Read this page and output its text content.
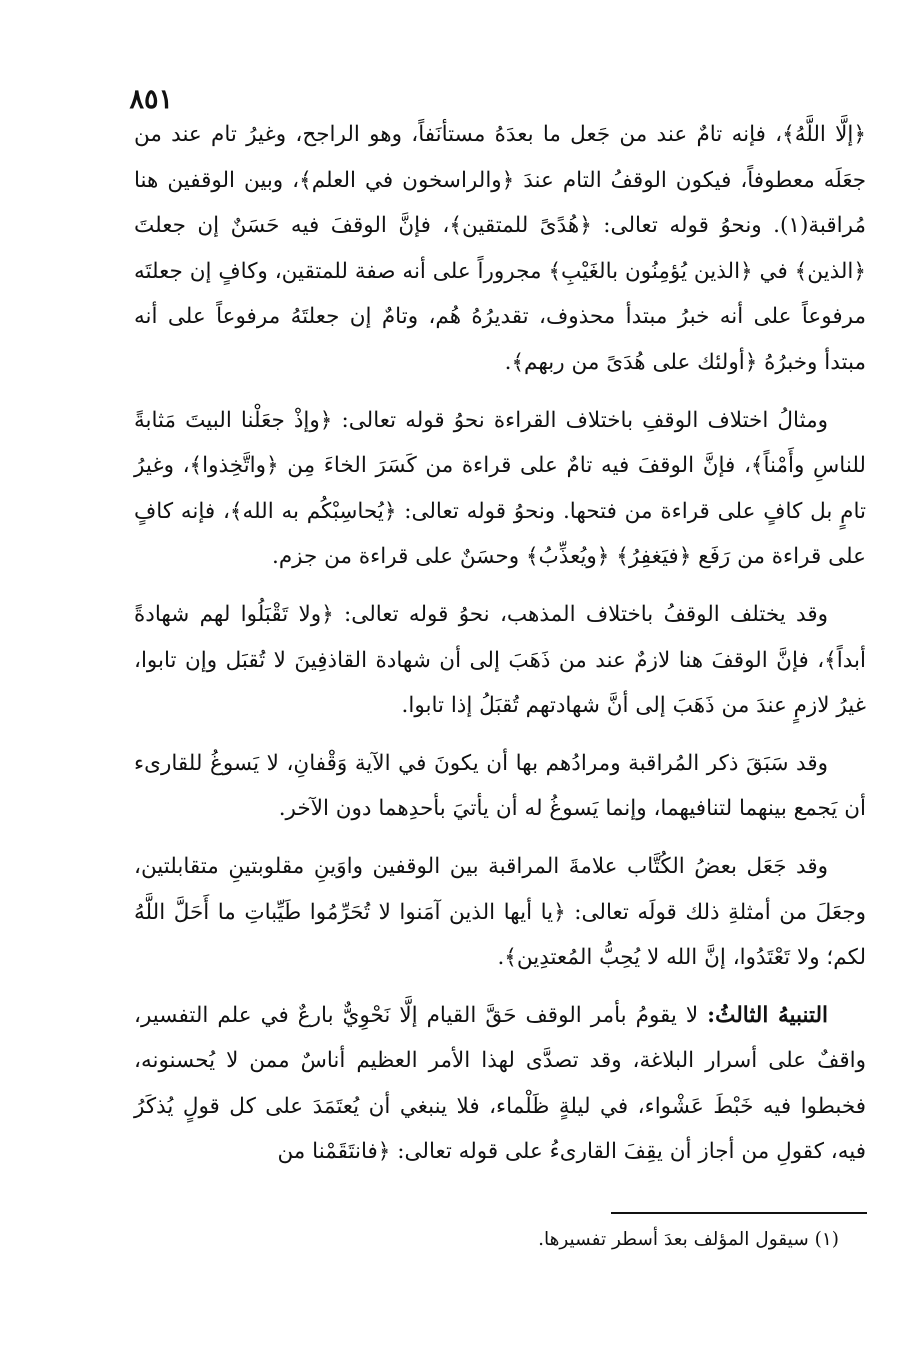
٨٥١

﴿إلَّا اللَّهُ﴾، فإنه تامٌ عند من جَعل ما بعدَهُ مستأنَفاً، وهو الراجح، وغيرُ تام عند من جعَلَه معطوفاً، فيكون الوقفُ التام عندَ ﴿والراسخون في العلم﴾، وبين الوقفين هنا مُراقبة(١). ونحوُ قوله تعالى: ﴿هُدًىً للمتقين﴾، فإنَّ الوقفَ فيه حَسَنٌ إن جعلتَ ﴿الذين﴾ في ﴿الذين يُؤمِنُون بالغَيْبِ﴾ مجروراً على أنه صفة للمتقين، وكافٍ إن جعلتَه مرفوعاً على أنه خبرُ مبتدأ محذوف، تقديرُهُ هُم، وتامٌ إن جعلتَهُ مرفوعاً على أنه مبتدأ وخبرُهُ ﴿أولئك على هُدَىً من ربهم﴾.

ومثالُ اختلاف الوقفِ باختلاف القراءة نحوُ قوله تعالى: ﴿وإذْ جعَلْنا البيتَ مَثابةً للناسِ وأَمْناً﴾، فإنَّ الوقفَ فيه تامٌ على قراءة من كَسَرَ الخاءَ مِن ﴿واتَّخِذوا﴾، وغيرُ تامٍ بل كافٍ على قراءة من فتحها. ونحوُ قوله تعالى: ﴿يُحاسِبْكُم به الله﴾، فإنه كافٍ على قراءة من رَفَع ﴿فيَغفِرُ﴾ ﴿ويُعذِّبُ﴾ وحسَنٌ على قراءة من جزم.

وقد يختلف الوقفُ باختلاف المذهب، نحوُ قوله تعالى: ﴿ولا تَقْبَلُوا لهم شهادةً أبداً﴾، فإنَّ الوقفَ هنا لازمٌ عند من ذَهَبَ إلى أن شهادة القاذفِينَ لا تُقبَل وإن تابوا، غيرُ لازمٍ عندَ من ذَهَبَ إلى أنَّ شهادتهم تُقبَلُ إذا تابوا.

وقد سَبَقَ ذكر المُراقبة ومرادُهم بها أن يكونَ في الآية وَقْفانِ، لا يَسوغُ للقارىء أن يَجمع بينهما لتنافيهما، وإنما يَسوغُ له أن يأتيَ بأحدِهما دون الآخر.

وقد جَعَل بعضُ الكُتَّاب علامةَ المراقبة بين الوقفين واوَينِ مقلوبتينِ متقابلتين، وجعَلَ من أمثلةِ ذلك قولَه تعالى: ﴿يا أيها الذين آمَنوا لا تُحَرِّمُوا طَيِّباتِ ما أَحَلَّ اللَّهُ لكم؛ ولا تَعْتَدُوا، إنَّ الله لا يُحِبُّ المُعتدِين﴾.

التنبيهُ الثالثُ: لا يقومُ بأمر الوقف حَقَّ القيام إلَّا نَحْوِيٌّ بارعٌ في علم التفسير، واقفٌ على أسرار البلاغة، وقد تصدَّى لهذا الأمر العظيم أناسٌ ممن لا يُحسنونه، فخبطوا فيه خَبْطَ عَشْواء، في ليلةٍ ظَلْماء، فلا ينبغي أن يُعتَمَدَ على كل قولٍ يُذكَرُ فيه، كقولِ من أجاز أن يقِفَ القارىءُ على قوله تعالى: ﴿فانتَقَمْنا من

(١) سيقول المؤلف بعدَ أسطر تفسيرها.
